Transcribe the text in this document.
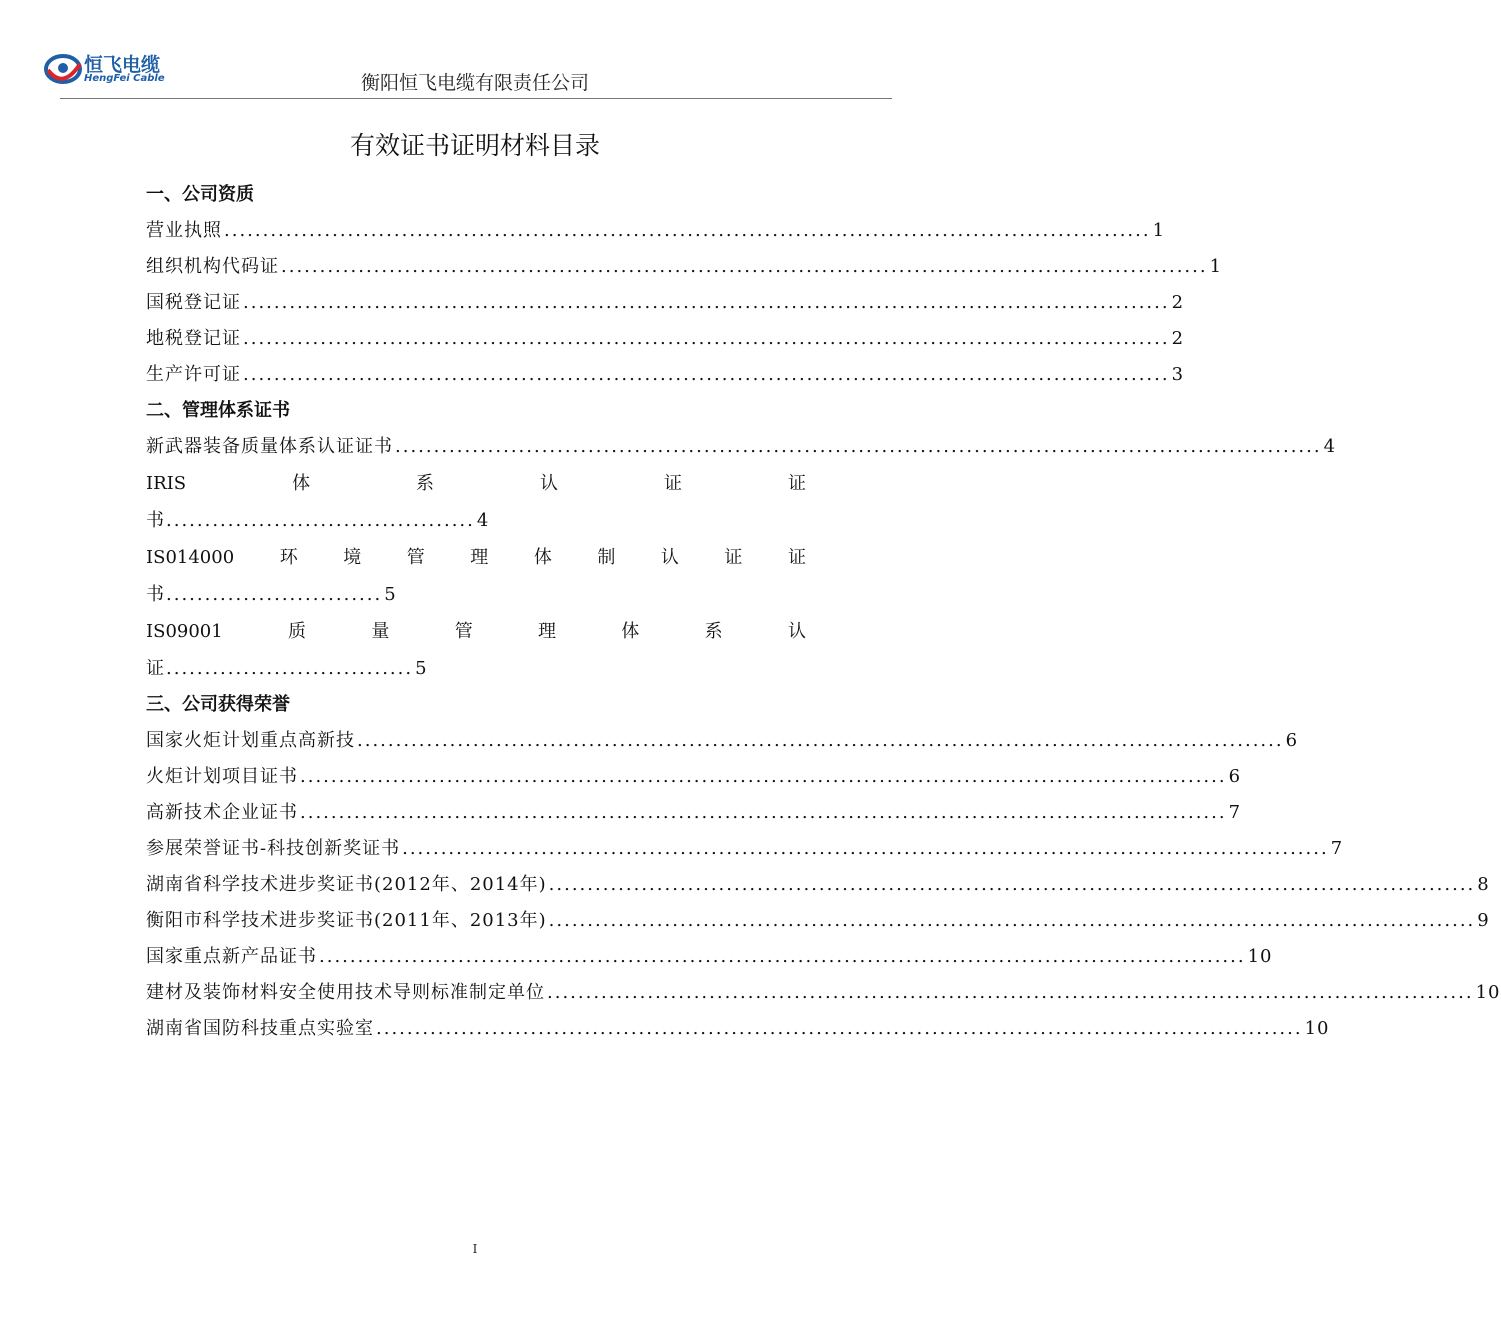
恒飞电缆
HengFei Cable	衡阳恒飞电缆有限责任公司
有效证书证明材料目录
一、公司资质
营业执照 ........................................................................................................................ 1
组织机构代码证 ........................................................................................................................ 1
国税登记证 ........................................................................................................................ 2
地税登记证 ........................................................................................................................ 2
生产许可证 ........................................................................................................................ 3
二、管理体系证书
新武器装备质量体系认证证书 ........................................................................................................................ 4
IRIS	体	系	认	证	证
书 ........................................ 4
IS014000	环	境	管	理	体	制	认	证	证
书 ............................ 5
IS09001	质	量	管	理	体	系	认
证 ................................ 5
三、公司获得荣誉
国家火炬计划重点高新技 ........................................................................................................................ 6
火炬计划项目证书 ........................................................................................................................ 6
高新技术企业证书 ........................................................................................................................ 7
参展荣誉证书-科技创新奖证书 ........................................................................................................................ 7
湖南省科学技术进步奖证书(2012年、2014年) ........................................................................................................................ 8
衡阳市科学技术进步奖证书(2011年、2013年) ........................................................................................................................ 9
国家重点新产品证书 ........................................................................................................................ 10
建材及装饰材料安全使用技术导则标准制定单位 ........................................................................................................................ 10
湖南省国防科技重点实验室 ........................................................................................................................ 10
I
